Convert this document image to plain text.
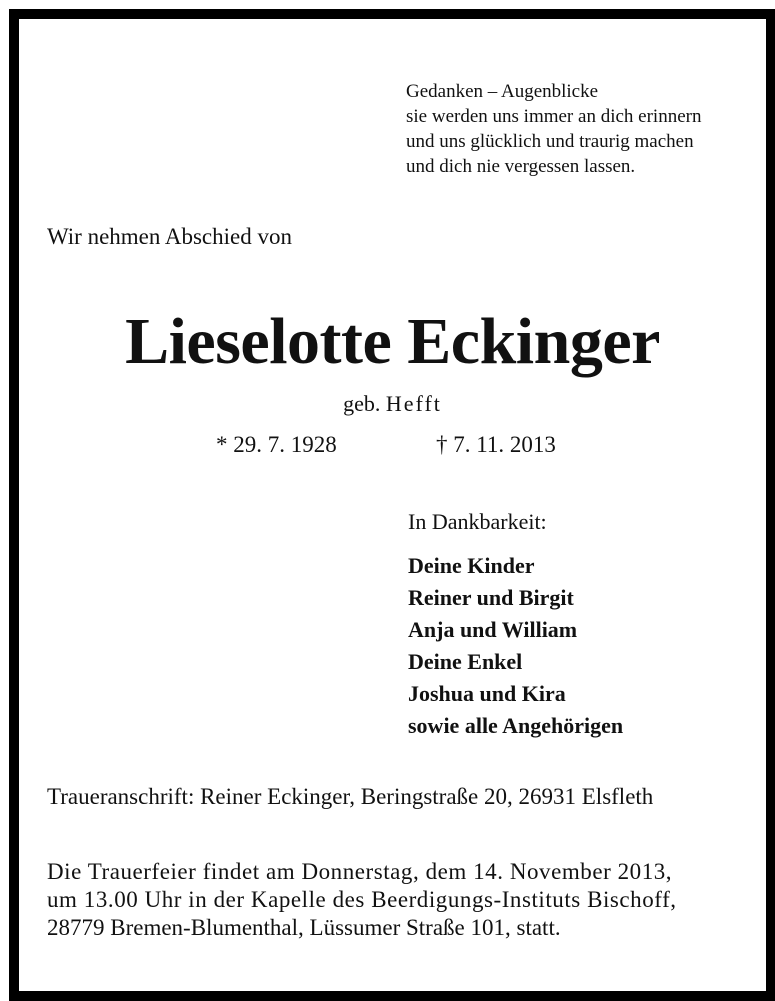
Gedanken – Augenblicke
sie werden uns immer an dich erinnern
und uns glücklich und traurig machen
und dich nie vergessen lassen.
Wir nehmen Abschied von
Lieselotte Eckinger
geb. Hefft
* 29. 7. 1928	† 7. 11. 2013
In Dankbarkeit:
Deine Kinder
Reiner und Birgit
Anja und William
Deine Enkel
Joshua und Kira
sowie alle Angehörigen
Traueranschrift: Reiner Eckinger, Beringstraße 20, 26931 Elsfleth
Die Trauerfeier findet am Donnerstag, dem 14. November 2013,
um 13.00 Uhr in der Kapelle des Beerdigungs-Instituts Bischoff,
28779 Bremen-Blumenthal, Lüssumer Straße 101, statt.
